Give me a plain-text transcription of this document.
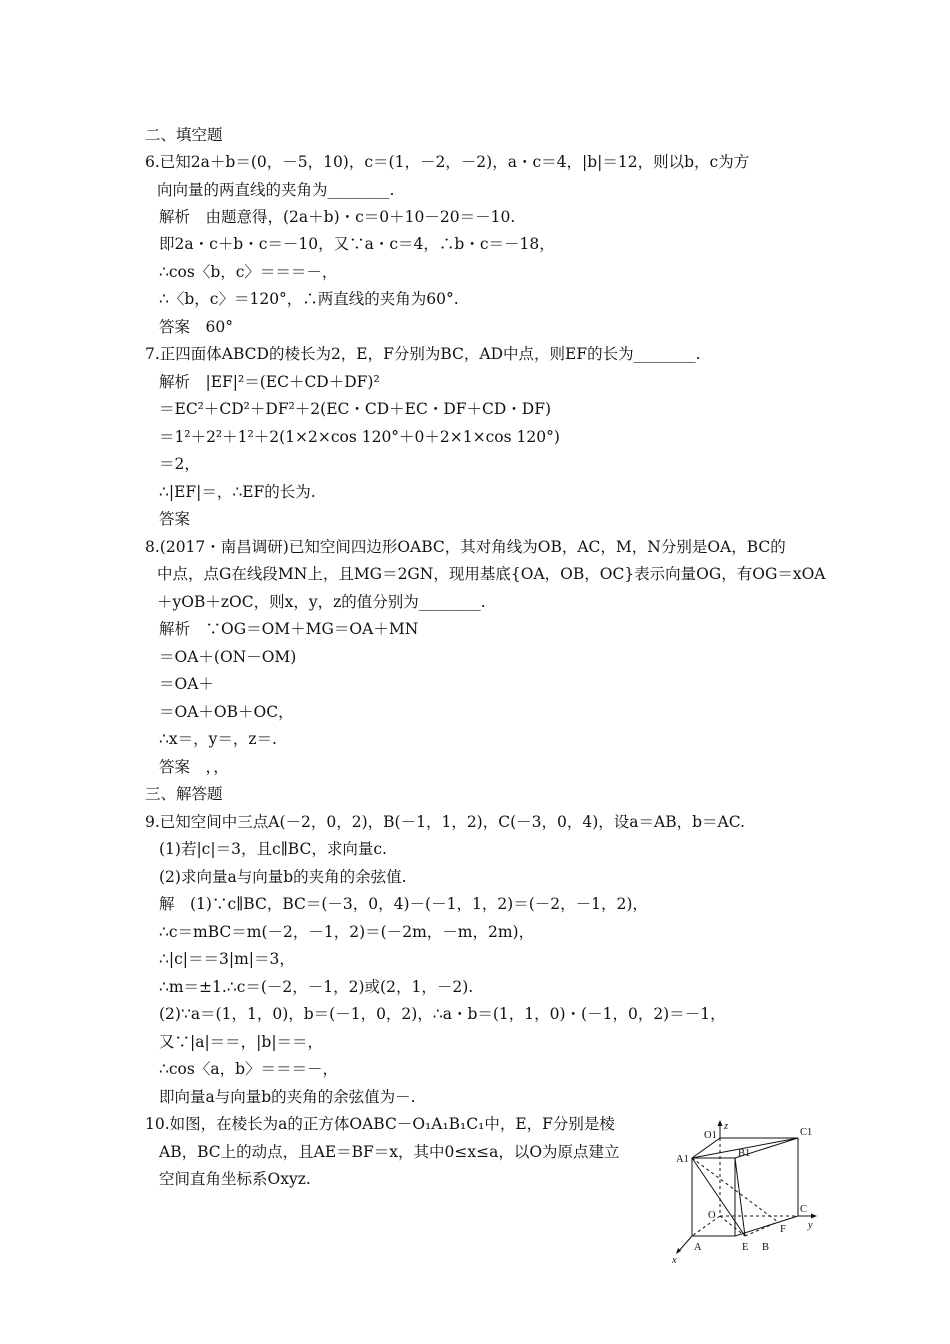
二、填空题
6.已知2a＋b＝(0，－5，10)，c＝(1，－2，－2)，a・c＝4，|b|＝12，则以b，c为方
向向量的两直线的夹角为________.
解析　由题意得，(2a＋b)・c＝0＋10－20＝－10.
即2a・c＋b・c＝－10，又∵a・c＝4，∴b・c＝－18，
∴cos〈b，c〉＝＝＝－，
∴〈b，c〉＝120°，∴两直线的夹角为60°.
答案　60°
7.正四面体ABCD的棱长为2，E，F分别为BC，AD中点，则EF的长为________.
解析　|EF|²＝(EC＋CD＋DF)²
＝EC²＋CD²＋DF²＋2(EC・CD＋EC・DF＋CD・DF)
＝1²＋2²＋1²＋2(1×2×cos 120°＋0＋2×1×cos 120°)
＝2，
∴|EF|＝，∴EF的长为.
答案
8.(2017・南昌调研)已知空间四边形OABC，其对角线为OB，AC，M，N分别是OA，BC的
中点，点G在线段MN上，且MG＝2GN，现用基底{OA，OB，OC}表示向量OG，有OG＝xOA
＋yOB＋zOC，则x，y，z的值分别为________.
解析　∵OG＝OM＋MG＝OA＋MN
＝OA＋(ON－OM)
＝OA＋
＝OA＋OB＋OC，
∴x＝，y＝，z＝.
答案　，，
三、解答题
9.已知空间中三点A(－2，0，2)，B(－1，1，2)，C(－3，0，4)，设a＝AB，b＝AC.
(1)若|c|＝3，且c∥BC，求向量c.
(2)求向量a与向量b的夹角的余弦值.
解　(1)∵c∥BC，BC＝(－3，0，4)－(－1，1，2)＝(－2，－1，2)，
∴c＝mBC＝m(－2，－1，2)＝(－2m，－m，2m)，
∴|c|＝＝3|m|＝3，
∴m＝±1.∴c＝(－2，－1，2)或(2，1，－2).
(2)∵a＝(1，1，0)，b＝(－1，0，2)，∴a・b＝(1，1，0)・(－1，0，2)＝－1，
又∵|a|＝＝，|b|＝＝，
∴cos〈a，b〉＝＝＝－，
即向量a与向量b的夹角的余弦值为－.
10.如图，在棱长为a的正方体OABC－O₁A₁B₁C₁中，E，F分别是棱
AB，BC上的动点，且AE＝BF＝x，其中0≤x≤a，以O为原点建立
空间直角坐标系Oxyz.
O1
z
C1
A1
B1
O
C
F y
A	E B
x
